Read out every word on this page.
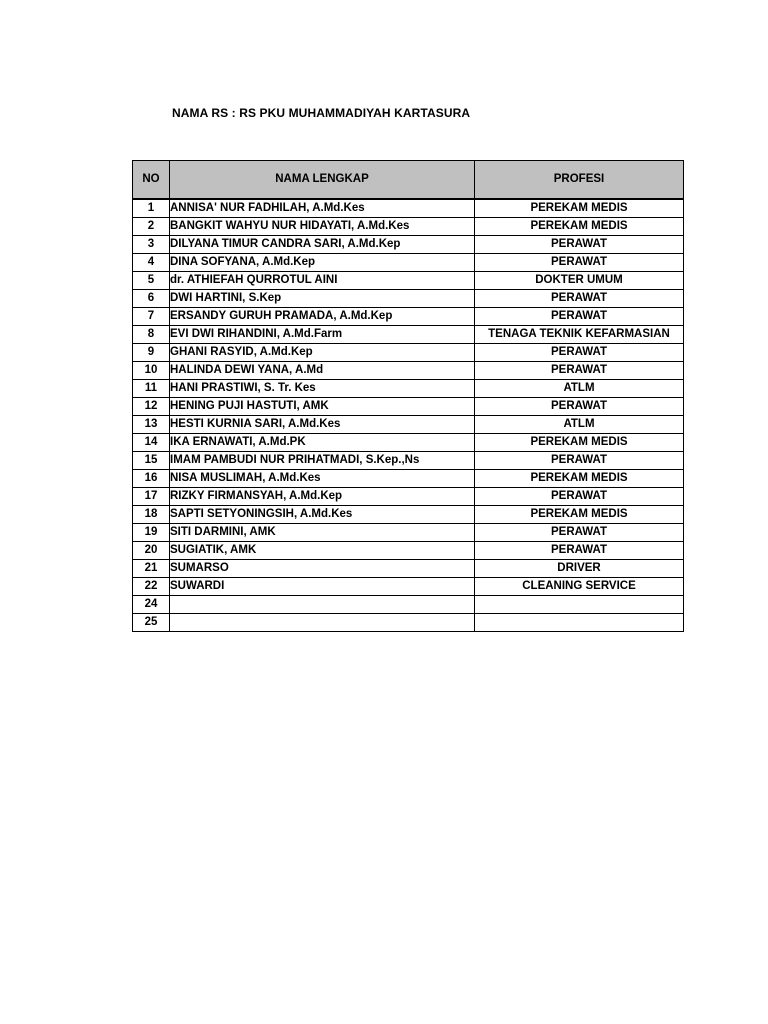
NAMA RS : RS PKU MUHAMMADIYAH KARTASURA
NO	NAMA LENGKAP	PROFESI
1	ANNISA' NUR FADHILAH, A.Md.Kes	PEREKAM MEDIS
2	BANGKIT WAHYU NUR HIDAYATI, A.Md.Kes	PEREKAM MEDIS
3	DILYANA TIMUR CANDRA SARI, A.Md.Kep	PERAWAT
4	DINA SOFYANA, A.Md.Kep	PERAWAT
5	dr. ATHIEFAH QURROTUL AINI	DOKTER UMUM
6	DWI HARTINI, S.Kep	PERAWAT
7	ERSANDY GURUH PRAMADA, A.Md.Kep	PERAWAT
8	EVI DWI RIHANDINI, A.Md.Farm	TENAGA TEKNIK KEFARMASIAN
9	GHANI RASYID, A.Md.Kep	PERAWAT
10	HALINDA DEWI YANA, A.Md	PERAWAT
11	HANI PRASTIWI, S. Tr. Kes	ATLM
12	HENING PUJI HASTUTI, AMK	PERAWAT
13	HESTI KURNIA SARI, A.Md.Kes	ATLM
14	IKA ERNAWATI, A.Md.PK	PEREKAM MEDIS
15	IMAM PAMBUDI NUR PRIHATMADI, S.Kep.,Ns	PERAWAT
16	NISA MUSLIMAH, A.Md.Kes	PEREKAM MEDIS
17	RIZKY FIRMANSYAH, A.Md.Kep	PERAWAT
18	SAPTI SETYONINGSIH, A.Md.Kes	PEREKAM MEDIS
19	SITI DARMINI, AMK	PERAWAT
20	SUGIATIK, AMK	PERAWAT
21	SUMARSO	DRIVER
22	SUWARDI	CLEANING SERVICE
24		
25		
